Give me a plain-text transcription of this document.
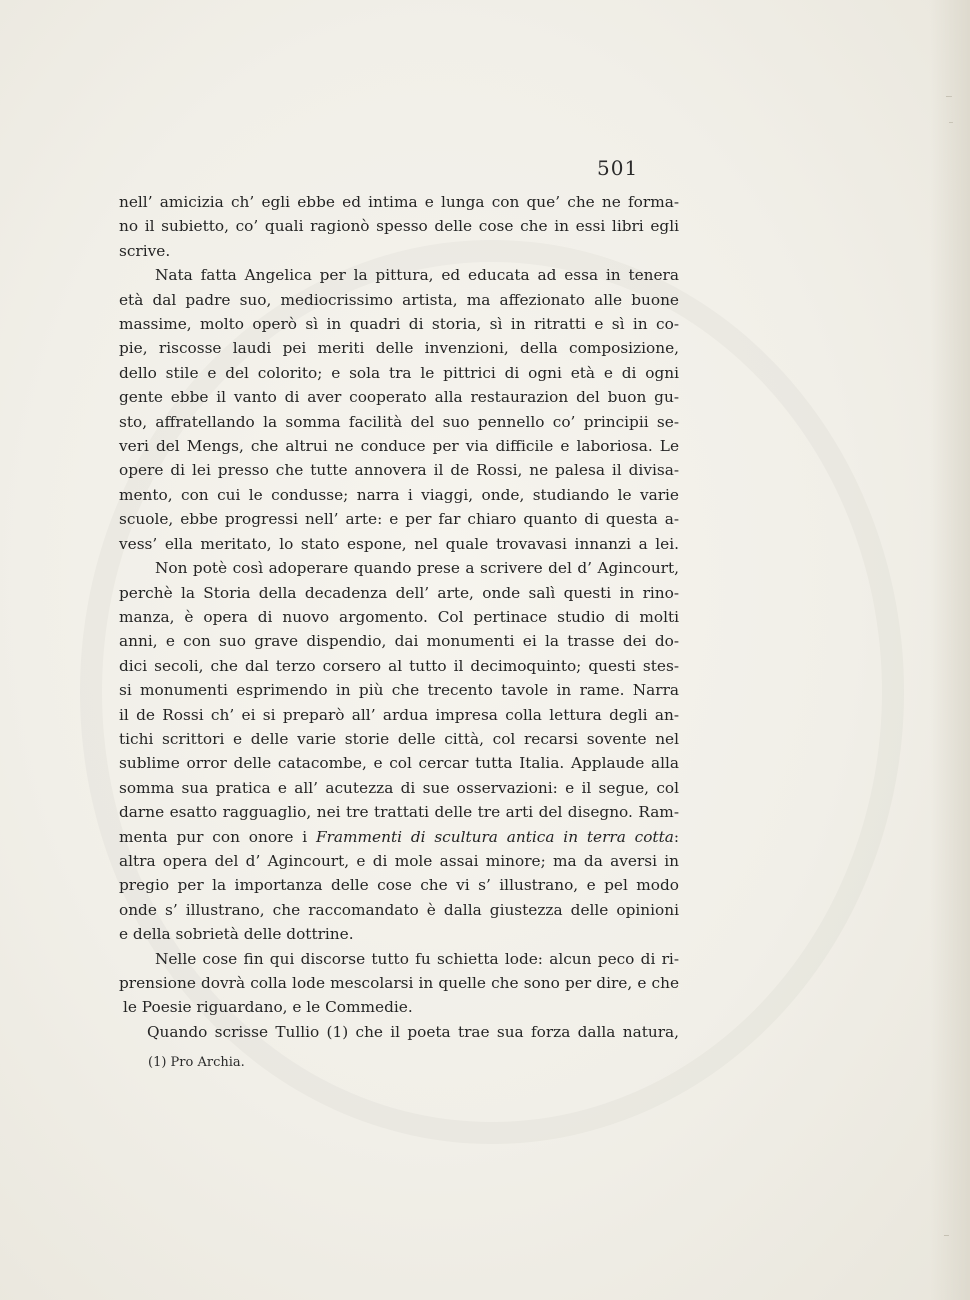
501
nell’ amicizia ch’ egli ebbe ed intima e lunga con que’ che ne forma-
no il subietto, co’ quali ragionò spesso delle cose che in essi libri egli
scrive.
Nata fatta Angelica per la pittura, ed educata ad essa in tenera
età dal padre suo, mediocrissimo artista, ma affezionato alle buone
massime, molto operò sì in quadri di storia, sì in ritratti e sì in co-
pie, riscosse laudi pei meriti delle invenzioni, della composizione,
dello stile e del colorito; e sola tra le pittrici di ogni età e di ogni
gente ebbe il vanto di aver cooperato alla restaurazion del buon gu-
sto, affratellando la somma facilità del suo pennello co’ principii se-
veri del Mengs, che altrui ne conduce per via difficile e laboriosa. Le
opere di lei presso che tutte annovera il de Rossi, ne palesa il divisa-
mento, con cui le condusse; narra i viaggi, onde, studiando le varie
scuole, ebbe progressi nell’ arte: e per far chiaro quanto di questa a-
vess’ ella meritato, lo stato espone, nel quale trovavasi innanzi a lei.
Non potè così adoperare quando prese a scrivere del d’ Agincourt,
perchè la Storia della decadenza dell’ arte, onde salì questi in rino-
manza, è opera di nuovo argomento. Col pertinace studio di molti
anni, e con suo grave dispendio, dai monumenti ei la trasse dei do-
dici secoli, che dal terzo corsero al tutto il decimoquinto; questi stes-
si monumenti esprimendo in più che trecento tavole in rame. Narra
il de Rossi ch’ ei si preparò all’ ardua impresa colla lettura degli an-
tichi scrittori e delle varie storie delle città, col recarsi sovente nel
sublime orror delle catacombe, e col cercar tutta Italia. Applaude alla
somma sua pratica e all’ acutezza di sue osservazioni: e il segue, col
darne esatto ragguaglio, nei tre trattati delle tre arti del disegno. Ram-
menta pur con onore i Frammenti di scultura antica in terra cotta:
altra opera del d’ Agincourt, e di mole assai minore; ma da aversi in
pregio per la importanza delle cose che vi s’ illustrano, e pel modo
onde s’ illustrano, che raccomandato è dalla giustezza delle opinioni
e della sobrietà delle dottrine.
Nelle cose fin qui discorse tutto fu schietta lode: alcun peco di ri-
prensione dovrà colla lode mescolarsi in quelle che sono per dire, e che
le Poesie riguardano, e le Commedie.
Quando scrisse Tullio (1) che il poeta trae sua forza dalla natura,
(1) Pro Archia.
